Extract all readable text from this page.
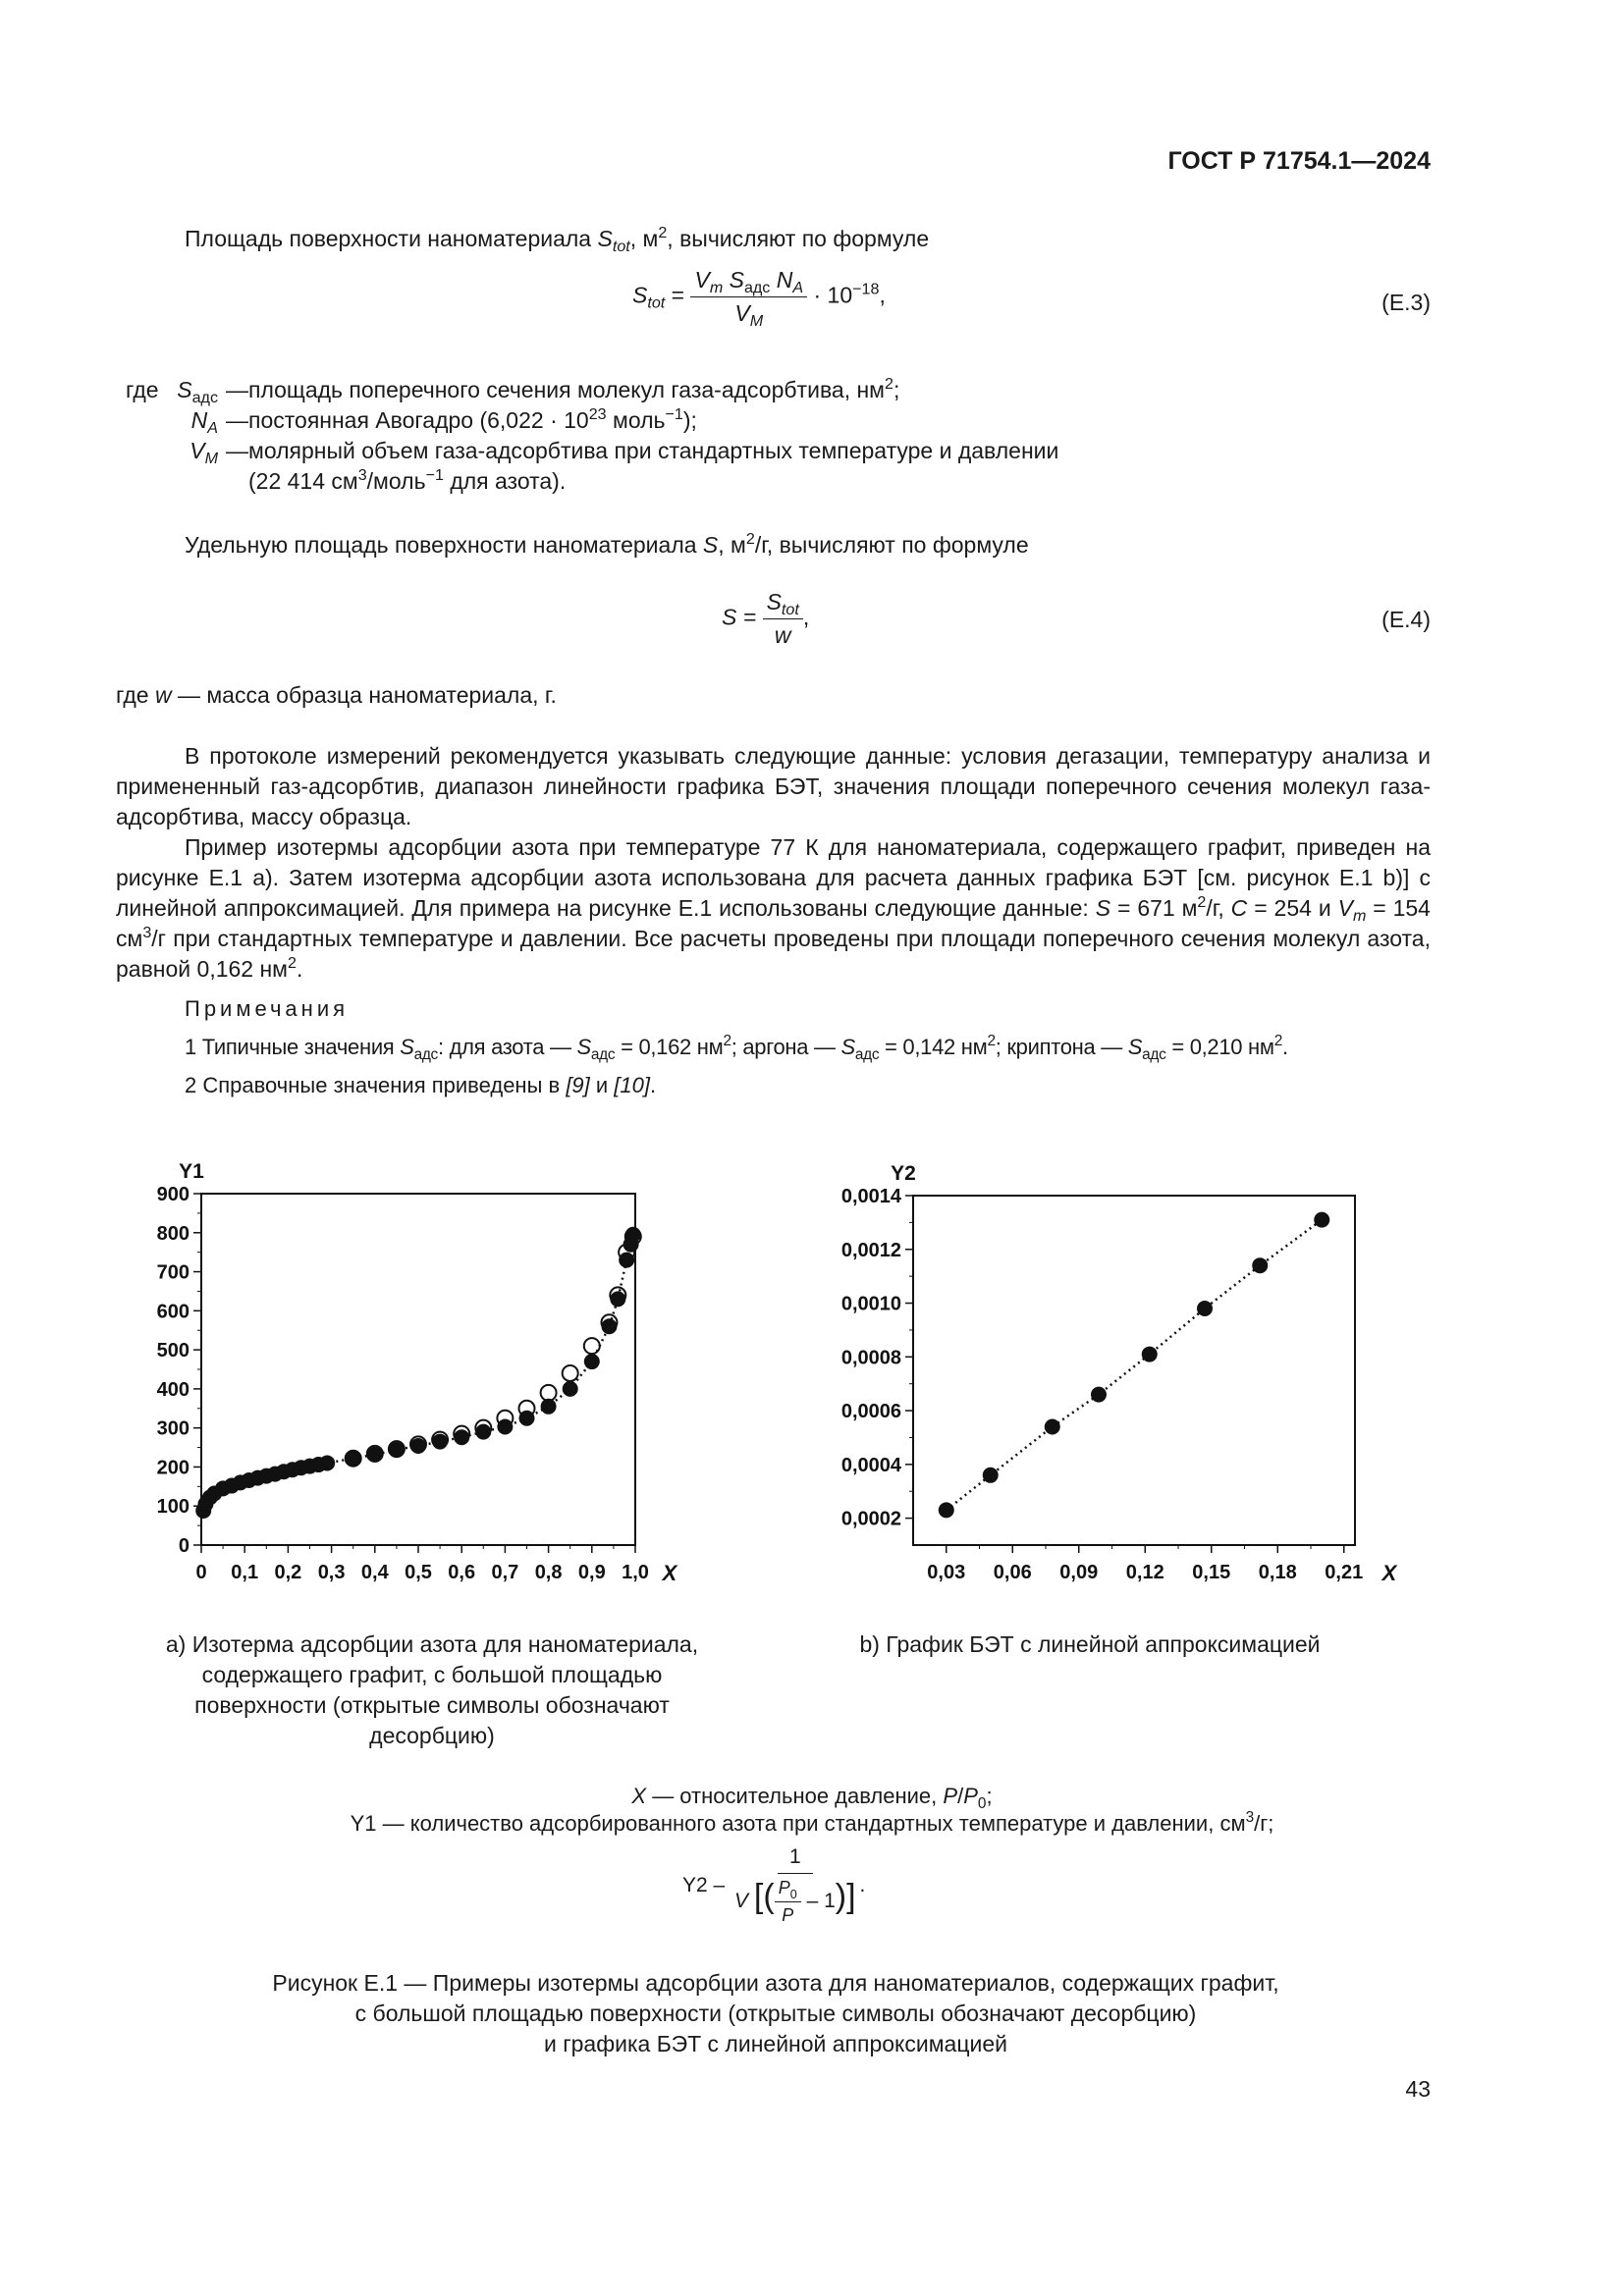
ГОСТ Р 71754.1—2024
Площадь поверхности наноматериала $S_{tot}$, $м^2$, вычисляют по формуле
$S_{tot} = \frac{V_m S_{адс} N_A}{V_M} \cdot 10^{-18}$,	(Е.3)
где	$S_{адс}$	—	площадь поперечного сечения молекул газа-адсорбтива, $нм^2$;
	$N_A$	—	постоянная Авогадро ($6,022 \cdot 10^{23}$ моль$^{-1}$);
	$V_M$	—	молярный объем газа-адсорбтива при стандартных температуре и давлении
(22 414 $см^3/моль^{-1}$ для азота).
Удельную площадь поверхности наноматериала S, $м^2/г$, вычисляют по формуле
$S = \frac{S_{tot}}{w}$ ,	(Е.4)
где w — масса образца наноматериала, г.
В протоколе измерений рекомендуется указывать следующие данные: условия дегазации, температуру анализа и примененный газ-адсорбтив, диапазон линейности графика БЭТ, значения площади поперечного сечения молекул газа-адсорбтива, массу образца.
Пример изотермы адсорбции азота при температуре 77 К для наноматериала, содержащего графит, приведен на рисунке Е.1 а). Затем изотерма адсорбции азота использована для расчета данных графика БЭТ [см. рисунок Е.1 b)] с линейной аппроксимацией. Для примера на рисунке Е.1 использованы следующие данные: S = 671 $м^2/г$, C = 254 и $V_m = 154$ $см^3/г$ при стандартных температуре и давлении. Все расчеты проведены при площади поперечного сечения молекул азота, равной 0,162 $нм^2$.
Примечания
1 Типичные значения $S_{адс}$: для азота — $S_{адс} = 0,162$ $нм^2$; аргона — $S_{адс} = 0,142$ $нм^2$; криптона — $S_{адс} = 0,210$ $нм^2$.
2 Справочные значения приведены в [9] и [10].
0
100
200
300
400
500
600
700
800
900
0 0,1 0,2 0,3 0,4 0,5 0,6 0,7 0,8 0,9 1,0
Y1
X
0,0002
0,0004
0,0006
0,0008
0,0010
0,0012
0,0014
0,03 0,06 0,09 0,12 0,15 0,18 0,21
Y2
X
а) Изотерма адсорбции азота для наноматериала,
содержащего графит, с большой площадью
поверхности (открытые символы обозначают
десорбцию)
b) График БЭТ с линейной аппроксимацией
X — относительное давление, $P/P_0$;
Y1 — количество адсорбированного азота при стандартных температуре и давлении, $см^3/г$;
$Y2 - \frac{1}{V [( \frac{P_0}{P} - 1)]}$ .
Рисунок Е.1 — Примеры изотермы адсорбции азота для наноматериалов, содержащих графит,
с большой площадью поверхности (открытые символы обозначают десорбцию)
и графика БЭТ с линейной аппроксимацией
43
